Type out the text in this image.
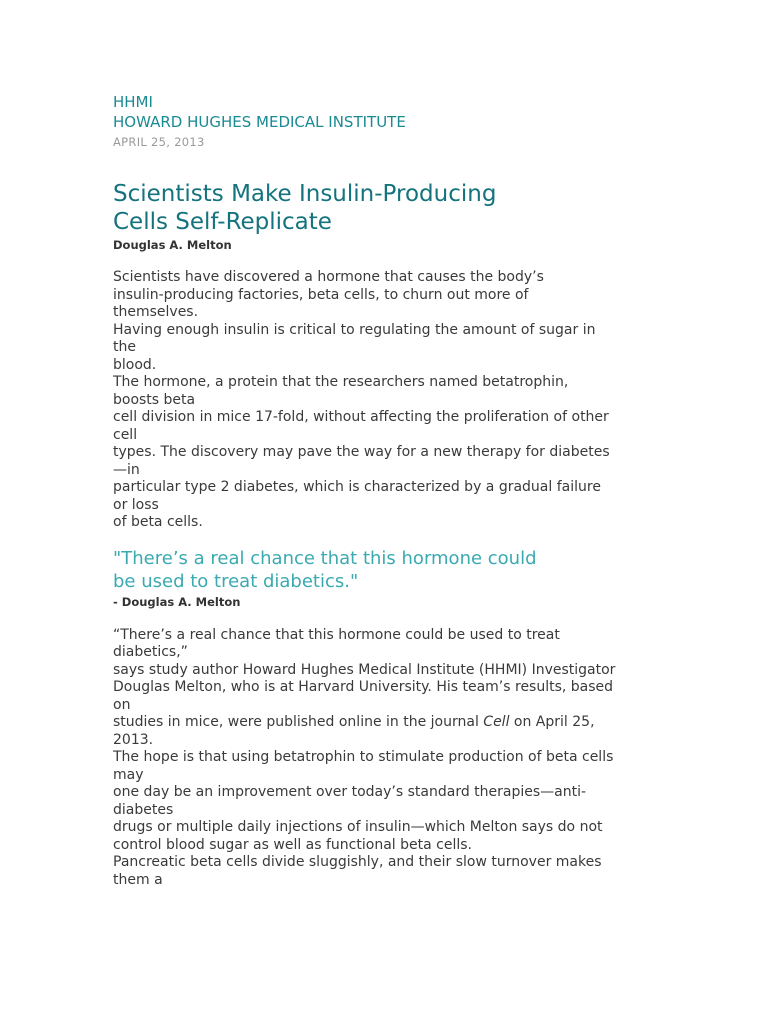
HHMI
HOWARD HUGHES MEDICAL INSTITUTE
APRIL 25, 2013
Scientists Make Insulin-Producing
Cells Self-Replicate
Douglas A. Melton
Scientists have discovered a hormone that causes the body’s
insulin-producing factories, beta cells, to churn out more of
themselves.
Having enough insulin is critical to regulating the amount of sugar in
the
blood.
The hormone, a protein that the researchers named betatrophin,
boosts beta
cell division in mice 17-fold, without affecting the proliferation of other
cell
types. The discovery may pave the way for a new therapy for diabetes
—in
particular type 2 diabetes, which is characterized by a gradual failure
or loss
of beta cells.
"There’s a real chance that this hormone could
be used to treat diabetics."
- Douglas A. Melton
“There’s a real chance that this hormone could be used to treat
diabetics,”
says study author Howard Hughes Medical Institute (HHMI) Investigator
Douglas Melton, who is at Harvard University. His team’s results, based
on
studies in mice, were published online in the journal Cell on April 25,
2013.
The hope is that using betatrophin to stimulate production of beta cells
may
one day be an improvement over today’s standard therapies—anti-
diabetes
drugs or multiple daily injections of insulin—which Melton says do not
control blood sugar as well as functional beta cells.
Pancreatic beta cells divide sluggishly, and their slow turnover makes
them a
